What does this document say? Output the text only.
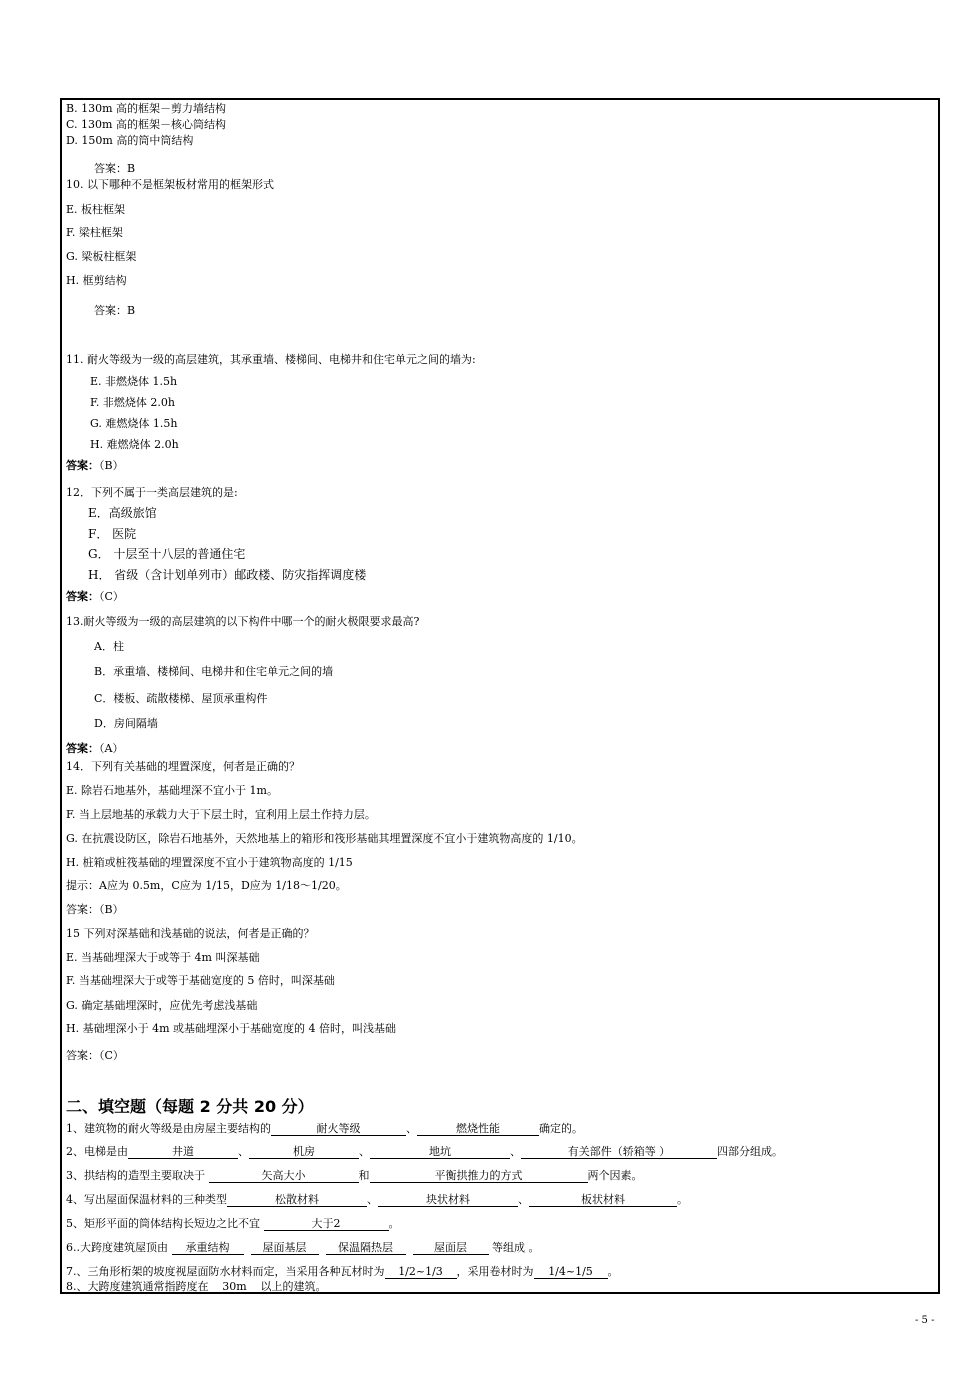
B. 130m 高的框架－剪力墙结构
C. 130m 高的框架－核心筒结构
D. 150m 高的筒中筒结构
答案：B
10. 以下哪种不是框架板材常用的框架形式
E. 板柱框架
F. 梁柱框架
G. 梁板柱框架
H. 框剪结构
答案：B
11. 耐火等级为一级的高层建筑，其承重墙、楼梯间、电梯井和住宅单元之间的墙为:
E. 非燃烧体 1.5h
F. 非燃烧体 2.0h
G. 难燃烧体 1.5h
H. 难燃烧体 2.0h
答案：（B）
12．下列不属于一类高层建筑的是:
E．高级旅馆
F． 医院
G． 十层至十八层的普通住宅
H． 省级（含计划单列市）邮政楼、防灾指挥调度楼
答案：（C）
13.耐火等级为一级的高层建筑的以下构件中哪一个的耐火极限要求最高?
A．柱
B．承重墙、楼梯间、电梯井和住宅单元之间的墙
C．楼板、疏散楼梯、屋顶承重构件
D．房间隔墙
答案：（A）
14．下列有关基础的埋置深度，何者是正确的？
E. 除岩石地基外，基础埋深不宜小于 1m。
F. 当上层地基的承载力大于下层土时，宜利用上层土作持力层。
G. 在抗震设防区，除岩石地基外，天然地基上的箱形和筏形基础其埋置深度不宜小于建筑物高度的 1/10。
H. 桩箱或桩筏基础的埋置深度不宜小于建筑物高度的 1/15
提示：A应为 0.5m，C应为 1/15，D应为 1/18～1/20。
答案：（B）
15 下列对深基础和浅基础的说法，何者是正确的？
E. 当基础埋深大于或等于 4m 叫深基础
F. 当基础埋深大于或等于基础宽度的 5 倍时，叫深基础
G. 确定基础埋深时，应优先考虑浅基础
H. 基础埋深小于 4m 或基础埋深小于基础宽度的 4 倍时，叫浅基础
答案：（C）
二、填空题（每题 2 分共 20 分）
1、建筑物的耐火等级是由房屋主要结构的	耐火等级	、	燃烧性能	确定的。
2、电梯是由	井道	、	机房	、	地坑	、	有关部件（轿箱等 ）	四部分组成。
3、拱结构的造型主要取决于	矢高大小	和	平衡拱推力的方式	两个因素。
4、写出屋面保温材料的三种类型	松散材料	、	块状材料	、	板状材料	。
5、矩形平面的筒体结构长短边之比不宜	大于2	。
6..大跨度建筑屋顶由 承重结构	屋面基层	保温隔热层	屋面层 等组成 。
7.、三角形桁架的坡度视屋面防水材料而定，当采用各种瓦材时为 1/2~1/3 ，采用卷材时为 1/4~1/5 。
8.、大跨度建筑通常指跨度在 30m 以上的建筑。
- 5 -
